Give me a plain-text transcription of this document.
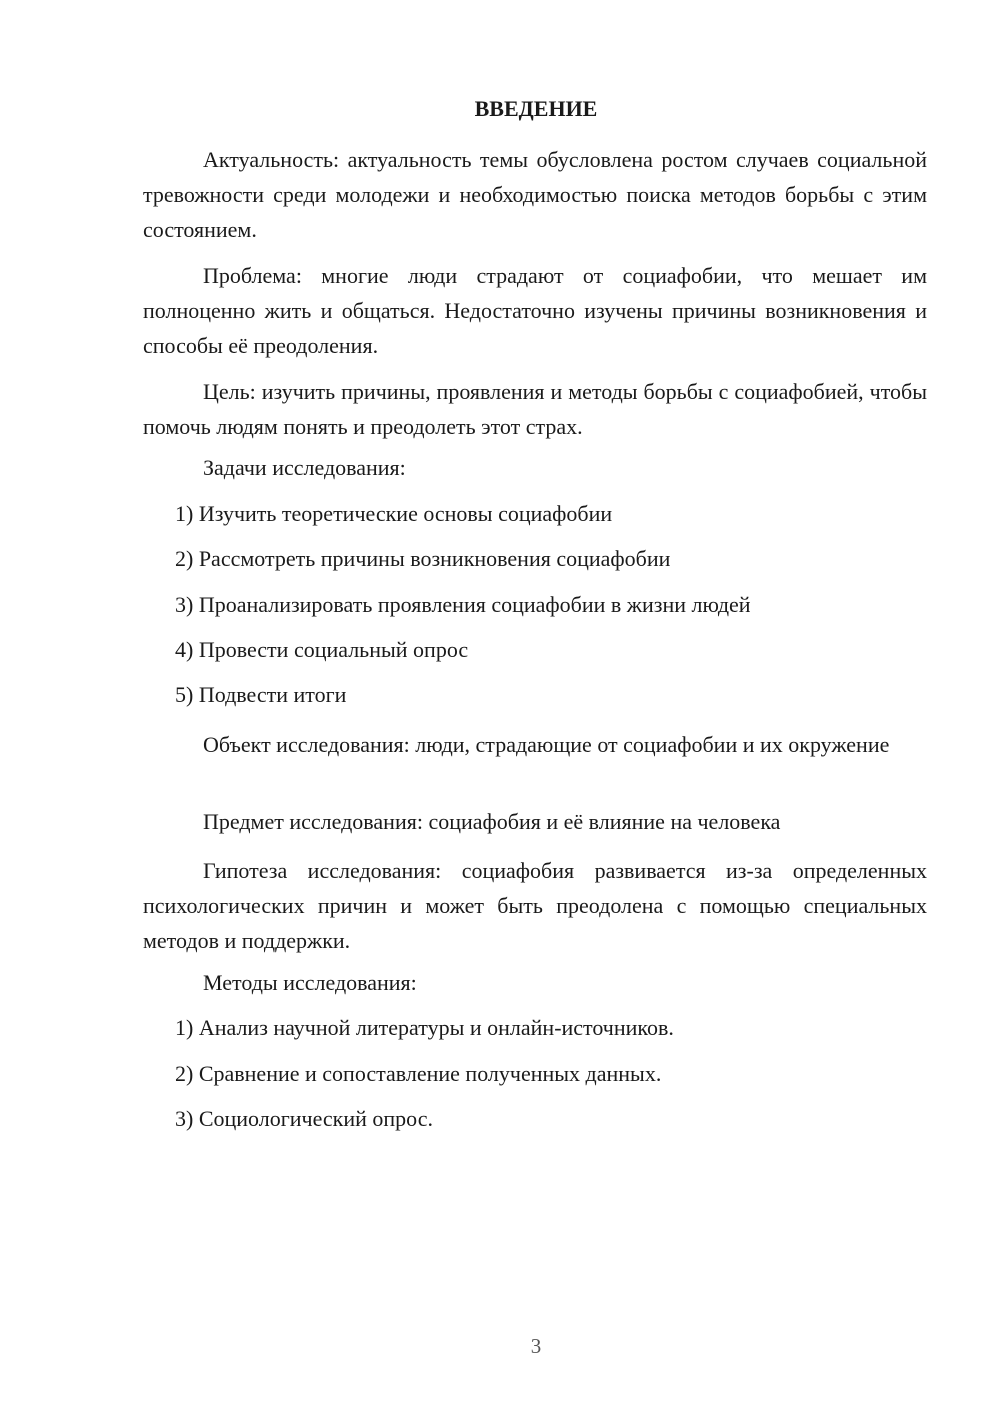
ВВЕДЕНИЕ
Актуальность: актуальность темы обусловлена ростом случаев социальной тревожности среди молодежи и необходимостью поиска методов борьбы с этим состоянием.
Проблема: многие люди страдают от социафобии, что мешает им полноценно жить и общаться. Недостаточно изучены причины возникновения и способы её преодоления.
Цель: изучить причины, проявления и методы борьбы с социафобией, чтобы помочь людям понять и преодолеть этот страх.
Задачи исследования:
1) Изучить теоретические основы социафобии
2) Рассмотреть причины возникновения социафобии
3) Проанализировать проявления социафобии в жизни людей
4) Провести социальный опрос
5) Подвести итоги
Объект исследования: люди, страдающие от социафобии и их окружение
Предмет исследования: социафобия и её влияние на человека
Гипотеза исследования: социафобия развивается из-за определенных психологических причин и может быть преодолена с помощью специальных методов и поддержки.
Методы исследования:
1) Анализ научной литературы и онлайн-источников.
2) Сравнение и сопоставление полученных данных.
3) Социологический опрос.
3
